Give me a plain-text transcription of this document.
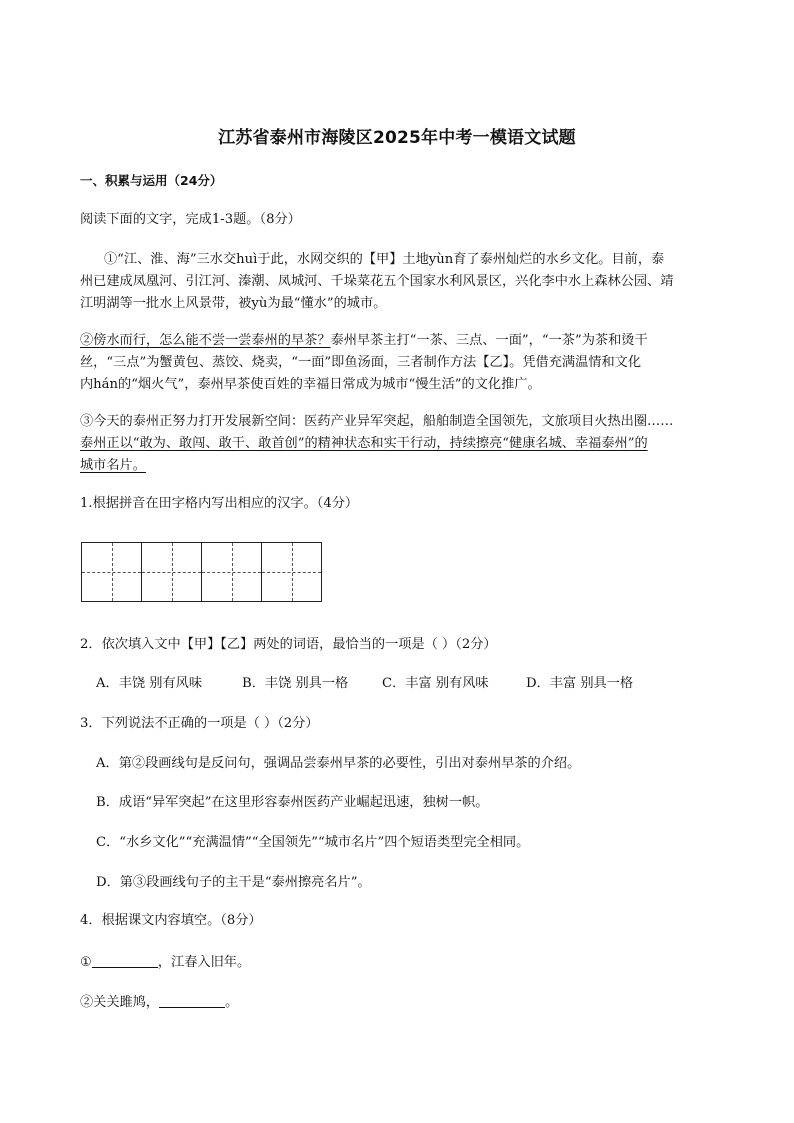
江苏省泰州市海陵区2025年中考一模语文试题
一、积累与运用（24分）
阅读下面的文字，完成1-3题。（8分）
①“江、淮、海”三水交huì于此，水网交织的【甲】土地yùn育了泰州灿烂的水乡文化。目前，泰
州已建成凤凰河、引江河、溱潮、凤城河、千垛菜花五个国家水利风景区，兴化李中水上森林公园、靖
江明湖等一批水上风景带，被yù为最“懂水”的城市。
②傍水而行，怎么能不尝一尝泰州的早茶？泰州早茶主打“一茶、三点、一面”，“一茶”为茶和烫干
丝，“三点”为蟹黄包、蒸饺、烧卖，“一面”即鱼汤面，三者制作方法【乙】。凭借充满温情和文化
内hán的“烟火气”，泰州早茶使百姓的幸福日常成为城市“慢生活”的文化推广。
③今天的泰州正努力打开发展新空间：医药产业异军突起，船舶制造全国领先，文旅项目火热出圈……
泰州正以“敢为、敢闯、敢干、敢首创”的精神状态和实干行动，持续擦亮“健康名城、幸福泰州”的
城市名片。
1.根据拼音在田字格内写出相应的汉字。（4分）
2．依次填入文中【甲】【乙】两处的词语，最恰当的一项是（ ）（2分）
A．丰饶 别有风味	B．丰饶 别具一格	C．丰富 别有风味	D．丰富 别具一格
3．下列说法不正确的一项是（ ）（2分）
A．第②段画线句是反问句，强调品尝泰州早茶的必要性，引出对泰州早茶的介绍。
B．成语“异军突起”在这里形容泰州医药产业崛起迅速，独树一帜。
C．“水乡文化”“充满温情”“全国领先”“城市名片”四个短语类型完全相同。
D．第③段画线句子的主干是“泰州擦亮名片”。
4．根据课文内容填空。（8分）
①	，江春入旧年。
②关关雎鸠，	。
